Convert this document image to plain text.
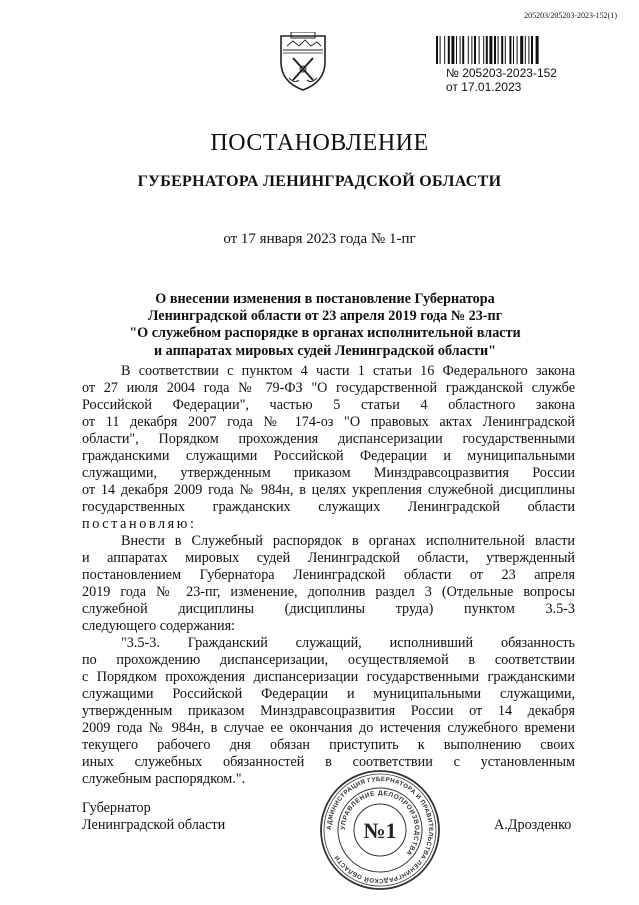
205203/205203-2023-152(1)
№ 205203-2023-152
от 17.01.2023
ПОСТАНОВЛЕНИЕ
ГУБЕРНАТОРА ЛЕНИНГРАДСКОЙ ОБЛАСТИ
от 17 января 2023 года № 1-пг
О внесении изменения в постановление Губернатора
Ленинградской области от 23 апреля 2019 года № 23-пг
"О служебном распорядке в органах исполнительной власти
и аппаратах мировых судей Ленинградской области"
В соответствии с пунктом 4 части 1 статьи 16 Федерального закона
от 27 июля 2004 года № 79-ФЗ "О государственной гражданской службе
Российской Федерации", частью 5 статьи 4 областного закона
от 11 декабря 2007 года № 174-оз "О правовых актах Ленинградской
области", Порядком прохождения диспансеризации государственными
гражданскими служащими Российской Федерации и муниципальными
служащими, утвержденным приказом Минздравсоцразвития России
от 14 декабря 2009 года № 984н, в целях укрепления служебной дисциплины
государственных гражданских служащих Ленинградской области
постановляю:
Внести в Служебный распорядок в органах исполнительной власти
и аппаратах мировых судей Ленинградской области, утвержденный
постановлением Губернатора Ленинградской области от 23 апреля
2019 года № 23-пг, изменение, дополнив раздел 3 (Отдельные вопросы
служебной дисциплины (дисциплины труда) пунктом 3.5-3
следующего содержания:
"3.5-3. Гражданский служащий, исполнивший обязанность
по прохождению диспансеризации, осуществляемой в соответствии
с Порядком прохождения диспансеризации государственными гражданскими
служащими Российской Федерации и муниципальными служащими,
утвержденным приказом Минздравсоцразвития России от 14 декабря
2009 года № 984н, в случае ее окончания до истечения служебного времени
текущего рабочего дня обязан приступить к выполнению своих
иных служебных обязанностей в соответствии с установленным
служебным распорядком.".
Губернатор
Ленинградской области	А.Дрозденко
АДМИНИСТРАЦИЯ ГУБЕРНАТОРА И ПРАВИТЕЛЬСТВА ЛЕНИНГРАДСКОЙ ОБЛАСТИ
УПРАВЛЕНИЕ ДЕЛОПРОИЗВОДСТВА
№1
